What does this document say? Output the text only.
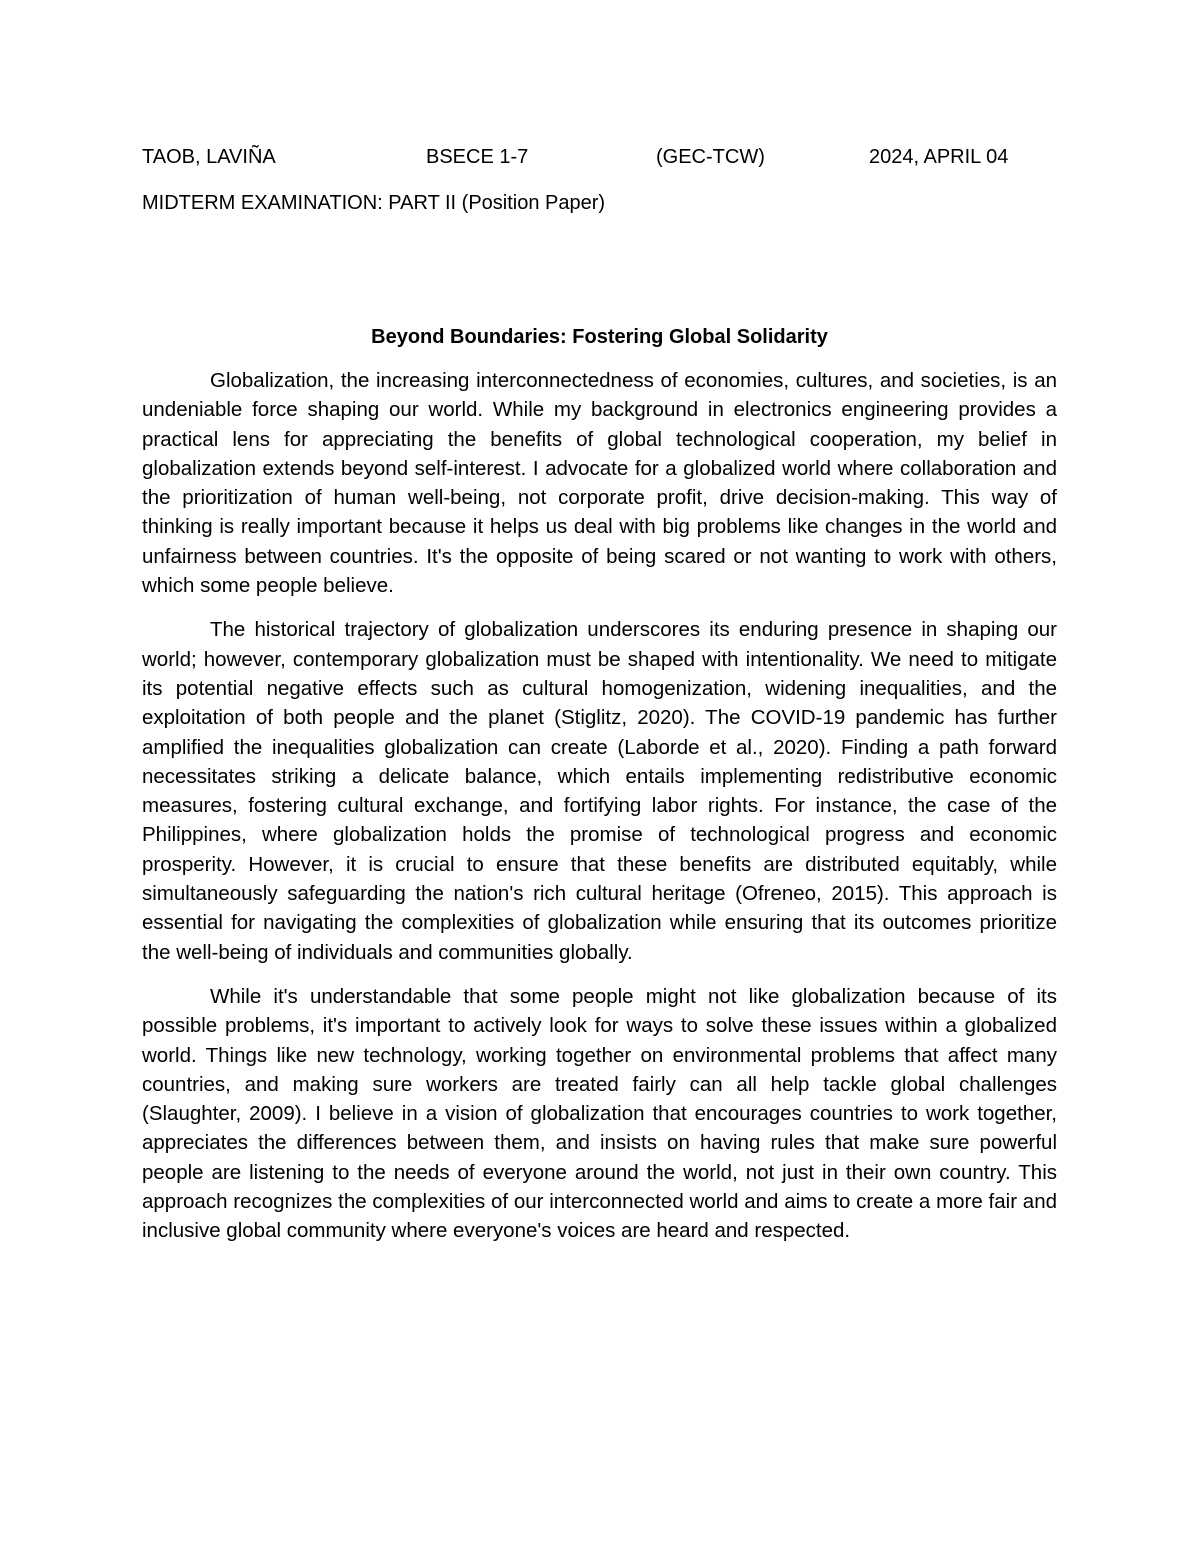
TAOB, LAVIÑA	BSECE 1-7	(GEC-TCW)	2024, APRIL 04
MIDTERM EXAMINATION: PART II (Position Paper)
Beyond Boundaries: Fostering Global Solidarity

Globalization, the increasing interconnectedness of economies, cultures, and societies, is an undeniable force shaping our world. While my background in electronics engineering provides a practical lens for appreciating the benefits of global technological cooperation, my belief in globalization extends beyond self-interest. I advocate for a globalized world where collaboration and the prioritization of human well-being, not corporate profit, drive decision-making. This way of thinking is really important because it helps us deal with big problems like changes in the world and unfairness between countries. It's the opposite of being scared or not wanting to work with others, which some people believe.

The historical trajectory of globalization underscores its enduring presence in shaping our world; however, contemporary globalization must be shaped with intentionality. We need to mitigate its potential negative effects such as cultural homogenization, widening inequalities, and the exploitation of both people and the planet (Stiglitz, 2020). The COVID-19 pandemic has further amplified the inequalities globalization can create (Laborde et al., 2020). Finding a path forward necessitates striking a delicate balance, which entails implementing redistributive economic measures, fostering cultural exchange, and fortifying labor rights. For instance, the case of the Philippines, where globalization holds the promise of technological progress and economic prosperity. However, it is crucial to ensure that these benefits are distributed equitably, while simultaneously safeguarding the nation's rich cultural heritage (Ofreneo, 2015). This approach is essential for navigating the complexities of globalization while ensuring that its outcomes prioritize the well-being of individuals and communities globally.

While it's understandable that some people might not like globalization because of its possible problems, it's important to actively look for ways to solve these issues within a globalized world. Things like new technology, working together on environmental problems that affect many countries, and making sure workers are treated fairly can all help tackle global challenges (Slaughter, 2009). I believe in a vision of globalization that encourages countries to work together, appreciates the differences between them, and insists on having rules that make sure powerful people are listening to the needs of everyone around the world, not just in their own country. This approach recognizes the complexities of our interconnected world and aims to create a more fair and inclusive global community where everyone's voices are heard and respected.
